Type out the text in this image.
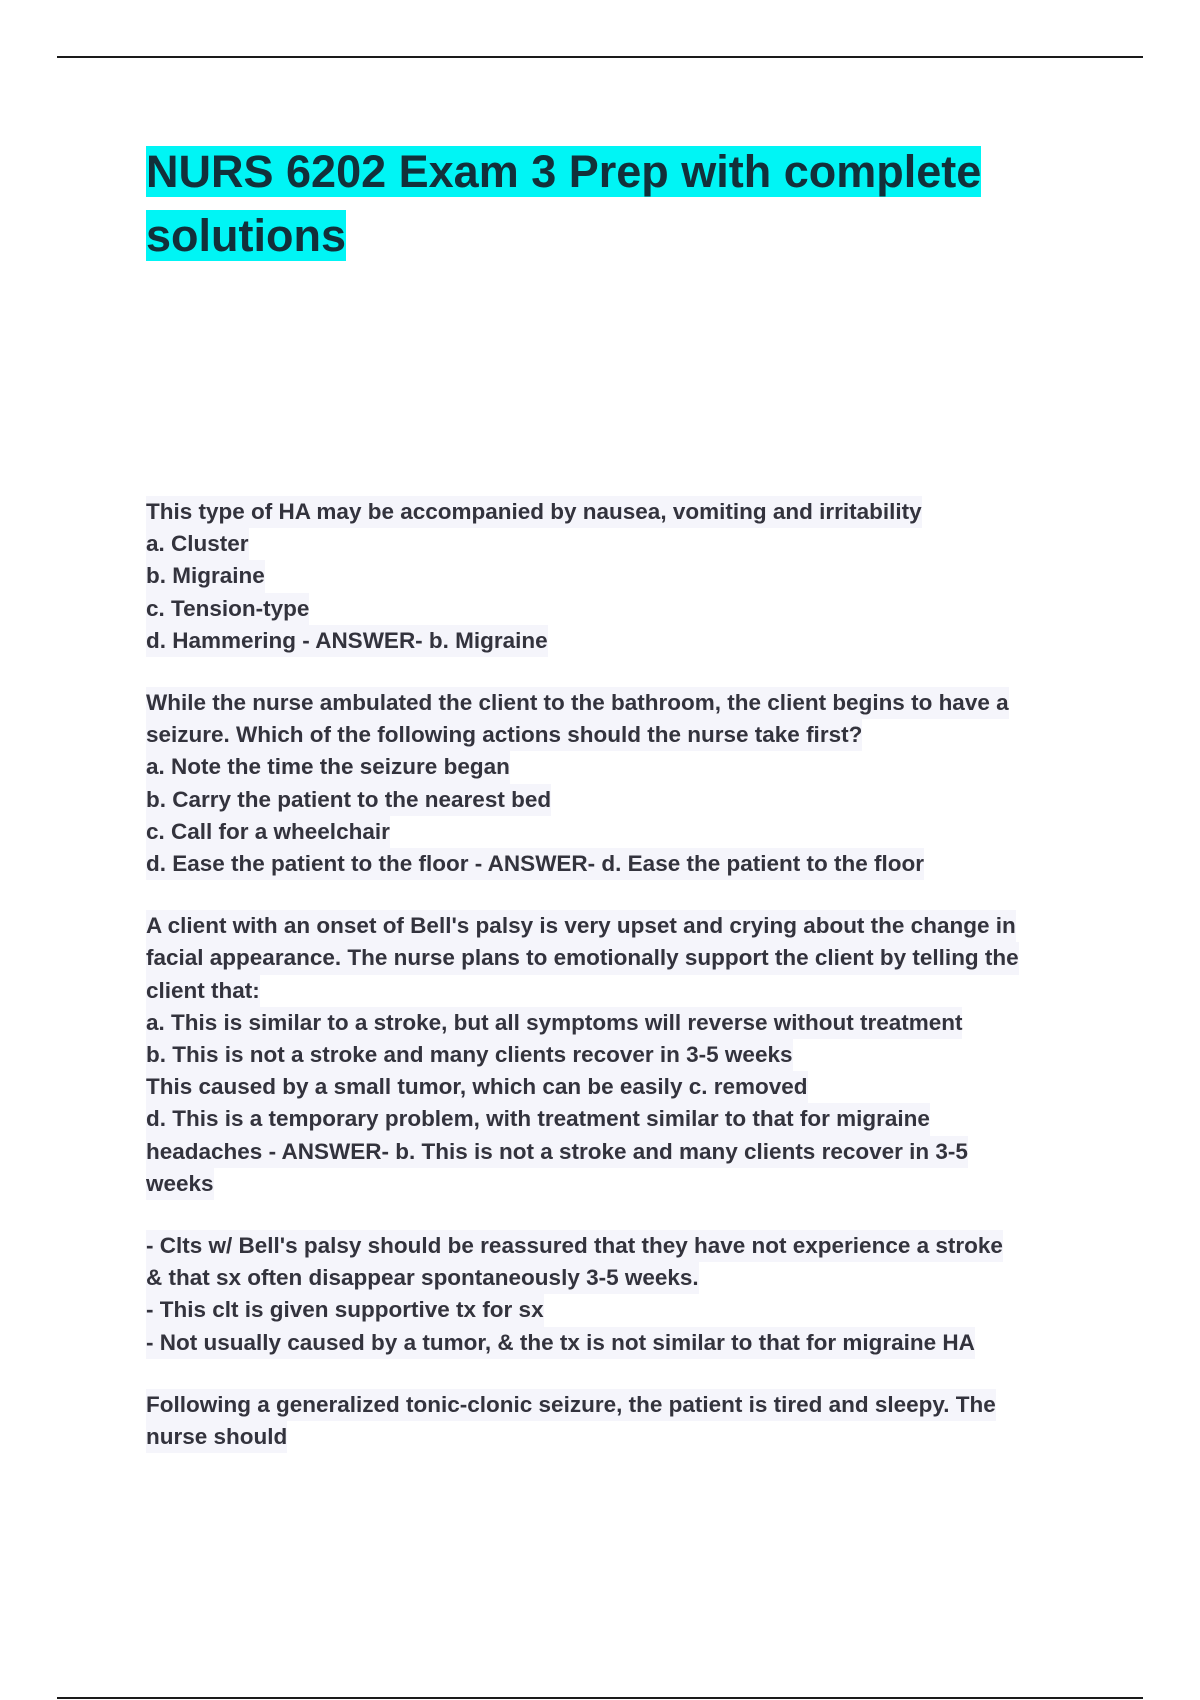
NURS 6202 Exam 3 Prep with complete
solutions
This type of HA may be accompanied by nausea, vomiting and irritability
a. Cluster
b. Migraine
c. Tension-type
d. Hammering - ANSWER- b. Migraine
While the nurse ambulated the client to the bathroom, the client begins to have a
seizure. Which of the following actions should the nurse take first?
a. Note the time the seizure began
b. Carry the patient to the nearest bed
c. Call for a wheelchair
d. Ease the patient to the floor - ANSWER- d. Ease the patient to the floor
A client with an onset of Bell's palsy is very upset and crying about the change in
facial appearance. The nurse plans to emotionally support the client by telling the
client that:
a. This is similar to a stroke, but all symptoms will reverse without treatment
b. This is not a stroke and many clients recover in 3-5 weeks
This caused by a small tumor, which can be easily c. removed
d. This is a temporary problem, with treatment similar to that for migraine
headaches - ANSWER- b. This is not a stroke and many clients recover in 3-5
weeks
- Clts w/ Bell's palsy should be reassured that they have not experience a stroke
& that sx often disappear spontaneously 3-5 weeks.
- This clt is given supportive tx for sx
- Not usually caused by a tumor, & the tx is not similar to that for migraine HA
Following a generalized tonic-clonic seizure, the patient is tired and sleepy. The
nurse should
